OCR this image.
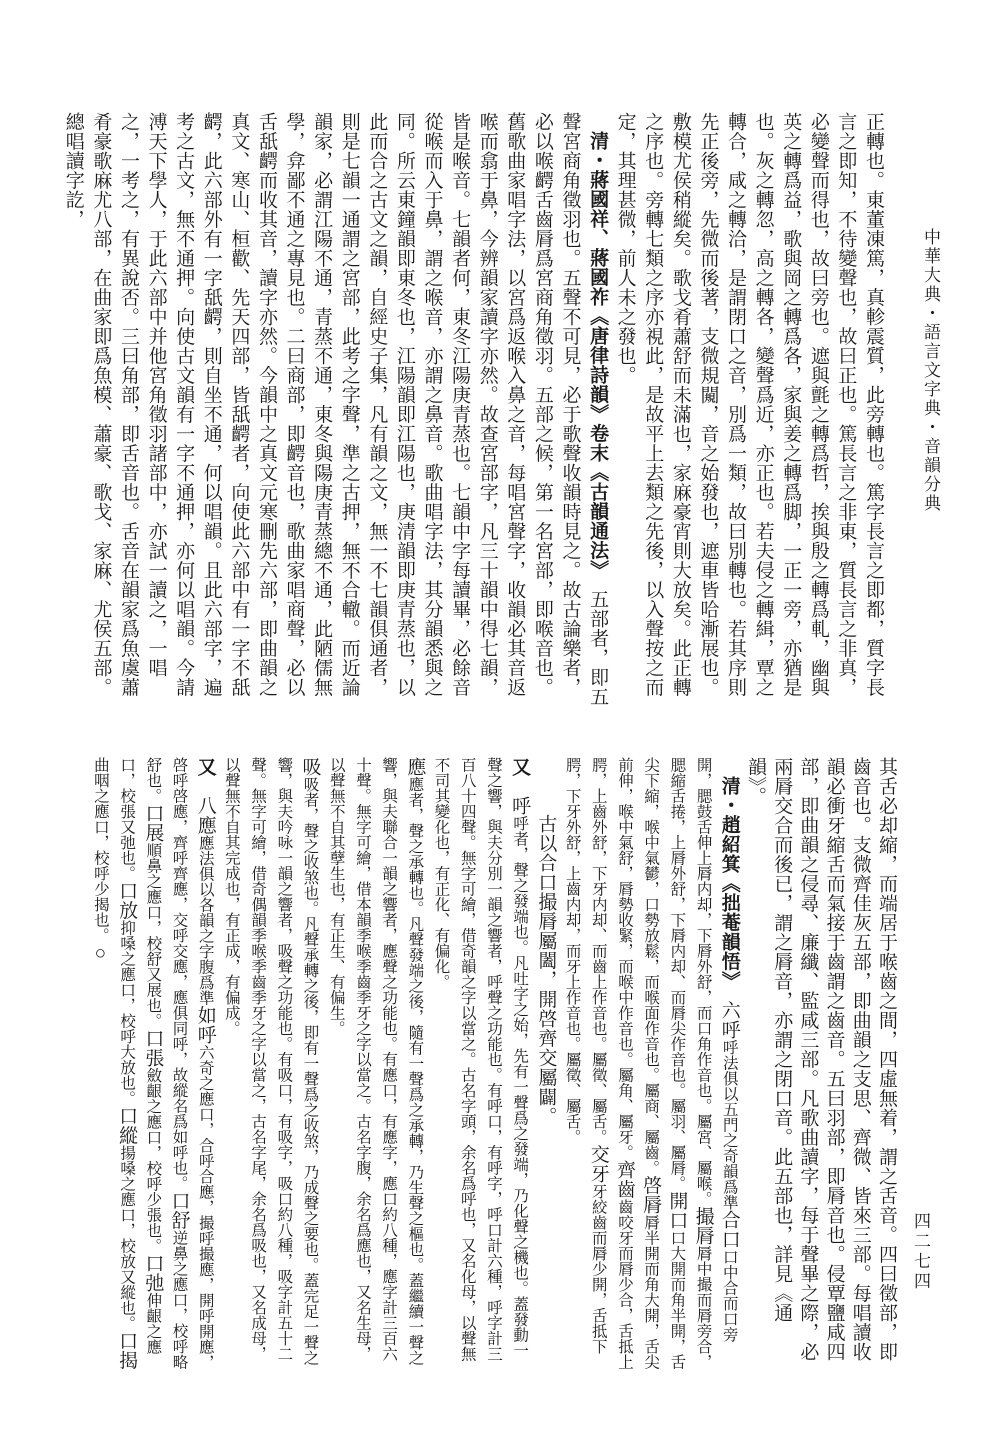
中華大典・語言文字典・音韻分典
正轉也。東董凍篤，真軫震質，此旁轉也。篤字長言之即都，質字長言之即知，不待變聲也，故曰正也。篤長言之非東，質長言之非真，必變聲而得也，故曰旁也。遮與氈之轉爲哲，挨與殷之轉爲軋，幽與英之轉爲益，歌與岡之轉爲各，家與姜之轉爲脚，一正一旁，亦猶是也。灰之轉忽，高之轉各，變聲爲近，亦正也。若夫侵之轉緝，覃之轉合，咸之轉洽，是謂閉口之音，別爲一類，故曰別轉也。若其序則先正後旁，先微而後著，支微規闚，音之始發也，遮車皆哈漸展也。敷模尤侯稍縱矣。歌戈肴蕭舒而未滿也，家麻豪宵則大放矣。此正轉之序也。旁轉七類之序亦視此，是故平上去類之先後，以入聲按之而定，其理甚微，前人未之發也。
清・蔣國祥、蔣國祚《唐律詩韻》卷末《古韻通法》　五部者，即五聲宮商角徵羽也。五聲不可見，必于歌聲收韻時見之。故古論樂者，必以喉齶舌齒脣爲宮商角徵羽。五部之候，第一名宮部，即喉音也。舊歌曲家唱字法，以宮爲返喉入鼻之音，每唱宮聲字，收韻必其音返喉而翕于鼻，今辨韻家讀字亦然。故查宮部字，凡三十韻中得七韻，皆是喉音。七韻者何，東冬江陽庚青蒸也。七韻中字每讀畢，必餘音從喉而入于鼻，謂之喉音，亦謂之鼻音。歌曲唱字法，其分韻悉與之同。所云東鐘韻即東冬也，江陽韻即江陽也，庚清韻即庚青蒸也，以此而合之古文之韻，自經史子集，凡有韻之文，無一不七韻俱通者，則是七韻一通謂之宮部，此考之字聲，準之古押，無不合轍。而近論韻家，必謂江陽不通，青蒸不通，東冬與陽庚青蒸總不通，此陋儒無學，弇鄙不通之專見也。二曰商部，即齶音也，歌曲家唱商聲，必以舌舐齶而收其音，讀字亦然。今韻中之真文元寒刪先六部，即曲韻之真文、寒山、桓歡、先天四部，皆舐齶者，向使此六部中有一字不舐齶，此六部外有一字舐齶，則自坐不通，何以唱韻。且此六部字，遍考之古文，無不通押。向使古文韻有一字不通押，亦何以唱韻。今請溥天下學人，于此六部中并他宮角徵羽諸部中，亦試一讀之，一唱之，一考之，有異說否。三曰角部，即舌音也。舌音在韻家爲魚虞蕭肴豪歌麻尤八部，在曲家即爲魚模、蕭豪、歌戈、家麻、尤侯五部。總唱讀字訖，
其舌必却縮，而端居于喉齒之間，四虛無着，謂之舌音。四曰徵部，即齒音也。支微齊佳灰五部，即曲韻之支思、齊微、皆來三部。每唱讀收韻必衝牙縮舌而氣接于齒謂之齒音。五曰羽部，即脣音也。侵覃鹽咸四部，即曲韻之侵尋、廉纖、監咸三部。凡歌曲讀字，每于聲畢之際，必兩脣交合而後已，謂之脣音，亦謂之閉口音。此五部也，詳見《通韻》。
清・趙紹箕《拙菴韻悟》　六呼呼法俱以五門之奇韻爲準合口口中合而口旁開，腮鼓舌伸上脣内却，下脣外舒，而口角作音也。屬宮、屬喉。撮脣脣中撮而脣旁合，腮縮舌捲，上脣外舒，下脣内却、而脣尖作音也。屬羽、屬脣。開口口大開而角半開，舌尖下縮，喉中氣鬰，口勢放鬆，而喉面作音也。屬商、屬齒。啓脣脣半開而角大開，舌尖前伸，喉中氣舒，脣勢收緊，而喉中作音也。屬角、屬牙。齊齒齒咬牙而脣少合，舌抵上腭，上齒外舒，下牙内却、而齒上作音也。屬徵、屬舌。交牙牙絞齒而脣少開，舌抵下腭，下牙外舒，上齒内却，而牙上作音也。屬徵、屬舌。
古以合口撮脣屬闔，開啓齊交屬闢。
又　呼呼者，聲之發端也。凡吐字之始，先有一聲爲之發端，乃化聲之機也。蓋發動一聲之響，與夫分別一韻之響者，呼聲之功能也。有呼口，有呼字，呼口計六種，呼字計三百八十四聲。無字可繪，借奇韻之字以當之。古名字頭，余名爲呼也，又名化母，以聲無不司其變化也，有正化、有偏化。
應應者，聲之承轉也。凡聲發端之後，隨有一聲爲之承轉，乃生聲之樞也。蓋繼續一聲之響，與夫聯合一韻之響者，應聲之功能也。有應口，有應字，應口約八種，應字計三百六十聲。無字可繪，借本韻季喉季齒季牙之字以當之。古名字腹，余名爲應也，又名生母，以聲無不自其孽生也，有正生、有偏生。
吸吸者，聲之收煞也。凡聲承轉之後，即有一聲爲之收煞，乃成聲之要也。蓋完足一聲之響，與夫吟咏一韻之響者，吸聲之功能也。有吸口，有吸字，吸口約八種，吸字計五十二聲。無字可繪，借奇偶韻季喉季齒季牙之字以當之，古名字尾，余名爲吸也，又名成母，以聲無不自其完成也，有正成，有偏成。
又　八應應法俱以各韻之字腹爲準如呼六奇之應口，合呼合應，撮呼撮應，開呼開應，啓呼啓應，齊呼齊應，交呼交應，應俱同呼，故縱名爲如呼也。口舒逆鼻之應口，校呼略舒也。口展順鼻之應口，校舒又展也。口張斂齦之應口，校呼少張也。口弛伸齦之應口，校張又弛也。口放抑嗓之應口，校呼大放也。口縱揚嗓之應口，校放又縱也。口揭曲咽之應口，校呼少揭也。○
四二七四
